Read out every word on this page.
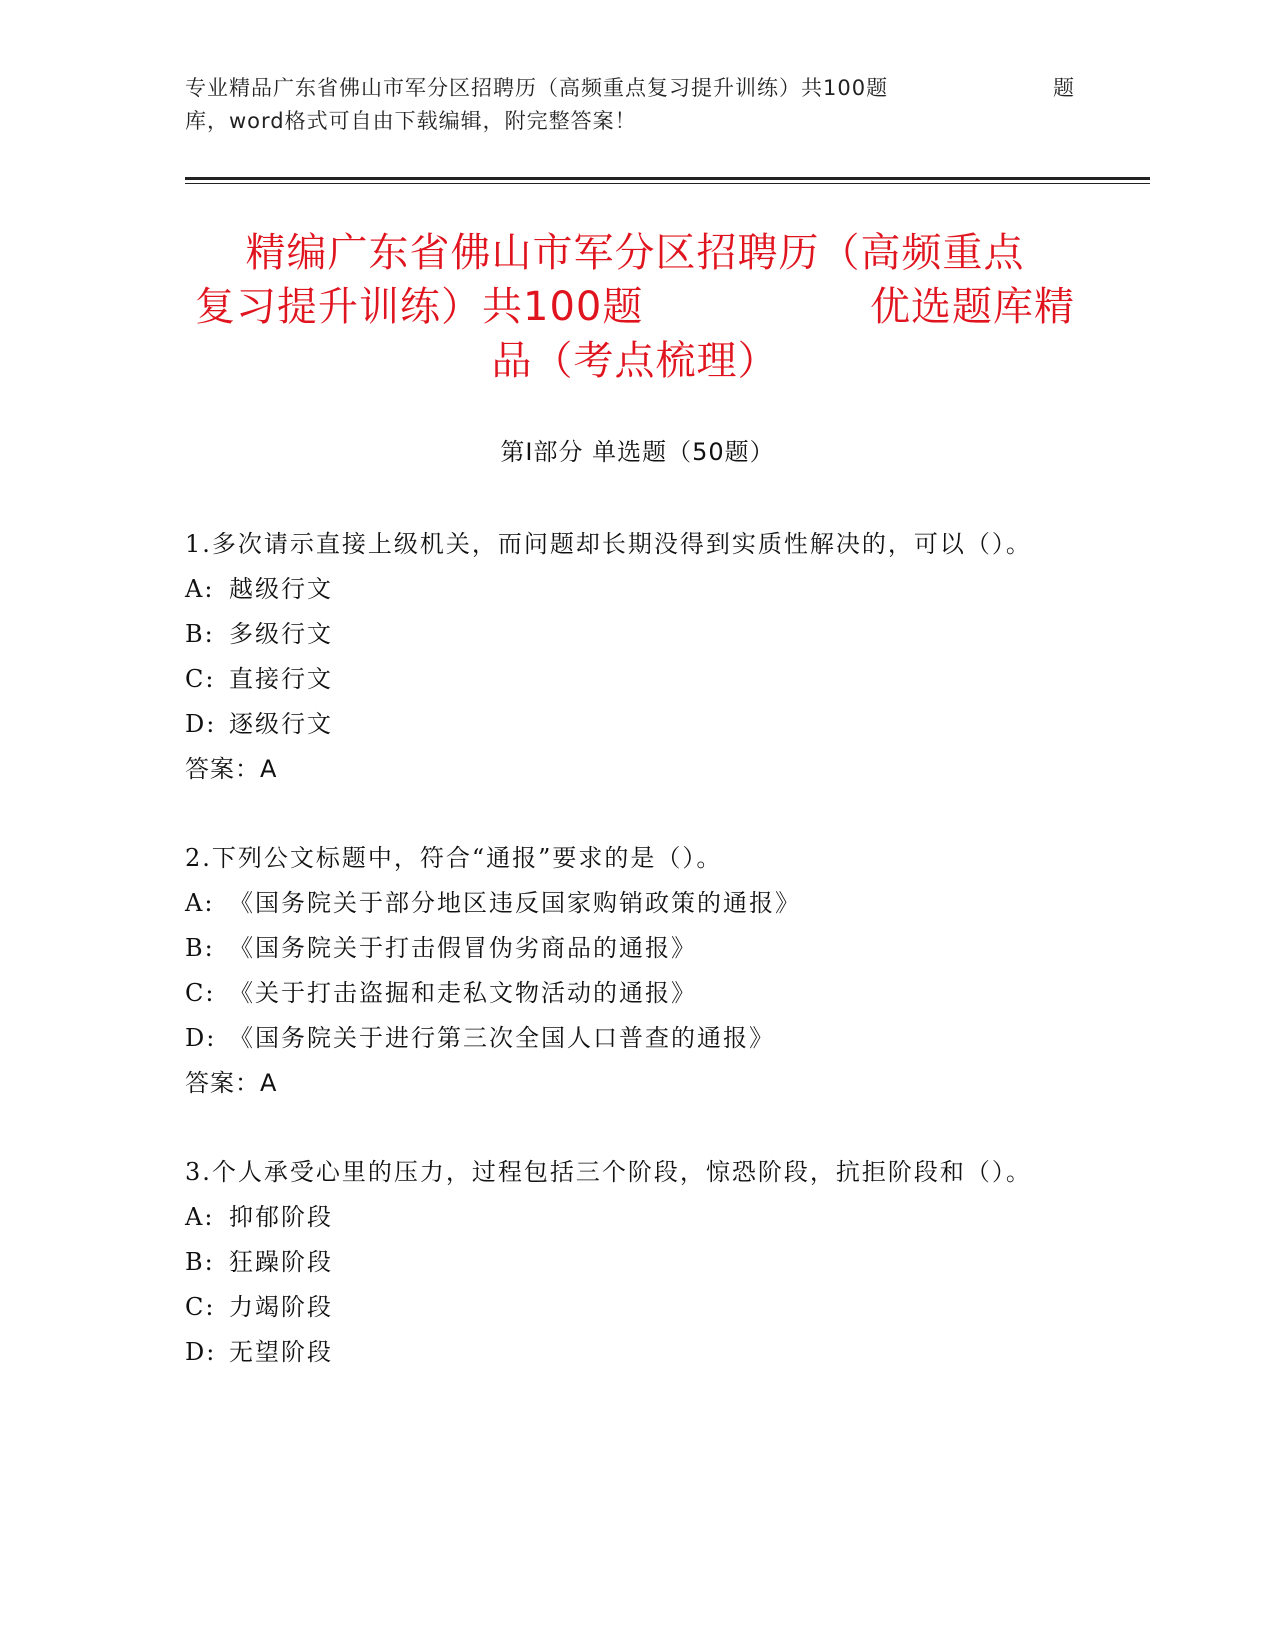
专业精品广东省佛山市军分区招聘历（高频重点复习提升训练）共100题	题
库，word格式可自由下载编辑，附完整答案！
精编广东省佛山市军分区招聘历（高频重点
复习提升训练）共100题	优选题库精
品（考点梳理）
第Ⅰ部分 单选题（50题）
1.多次请示直接上级机关，而问题却长期没得到实质性解决的，可以（）。
A: 越级行文
B: 多级行文
C: 直接行文
D: 逐级行文
答案：A
2.下列公文标题中，符合“通报”要求的是（）。
A: 《国务院关于部分地区违反国家购销政策的通报》
B: 《国务院关于打击假冒伪劣商品的通报》
C: 《关于打击盗掘和走私文物活动的通报》
D: 《国务院关于进行第三次全国人口普查的通报》
答案：A
3.个人承受心里的压力，过程包括三个阶段，惊恐阶段，抗拒阶段和（）。
A: 抑郁阶段
B: 狂躁阶段
C: 力竭阶段
D: 无望阶段
